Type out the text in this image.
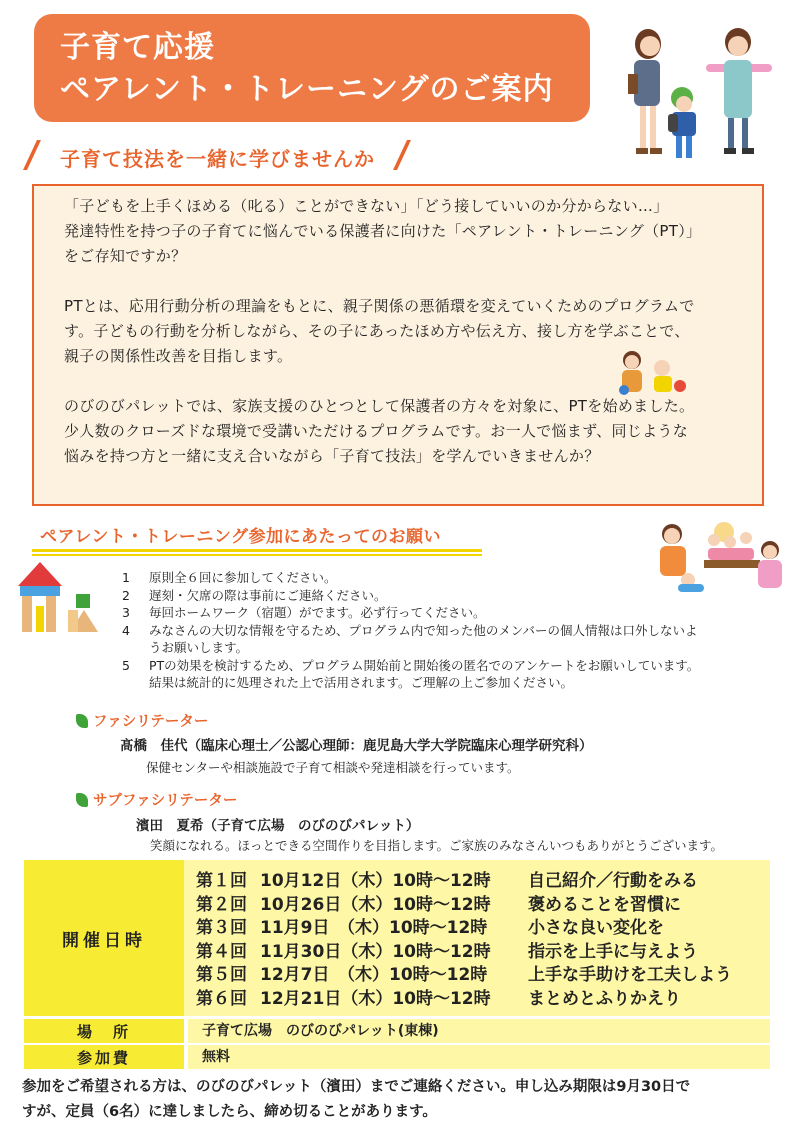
子育て応援
ペアレント・トレーニングのご案内
子育て技法を一緒に学びませんか

「子どもを上手くほめる（叱る）ことができない」「どう接していいのか分からない…」

発達特性を持つ子の子育てに悩んでいる保護者に向けた「ペアレント・トレーニング（PT）」

をご存知ですか？

PTとは、応用行動分析の理論をもとに、親子関係の悪循環を変えていくためのプログラムで

す。子どもの行動を分析しながら、その子にあったほめ方や伝え方、接し方を学ぶことで、

親子の関係性改善を目指します。

のびのびパレットでは、家族支援のひとつとして保護者の方々を対象に、PTを始めました。

少人数のクローズドな環境で受講いただけるプログラムです。お一人で悩まず、同じような

悩みを持つ方と一緒に支え合いながら「子育て技法」を学んでいきませんか？

ペアレント・トレーニング参加にあたってのお願い
1	原則全６回に参加してください。
2	遅刻・欠席の際は事前にご連絡ください。
3	毎回ホームワーク（宿題）がでます。必ず行ってください。
4	みなさんの大切な情報を守るため、プログラム内で知った他のメンバーの個人情報は口外しないよ
うお願いします。
5	PTの効果を検討するため、プログラム開始前と開始後の匿名でのアンケートをお願いしています。
結果は統計的に処理された上で活用されます。ご理解の上ご参加ください。
ファシリテーター
髙橋　佳代（臨床心理士／公認心理師：鹿児島大学大学院臨床心理学研究科）
保健センターや相談施設で子育て相談や発達相談を行っています。
サブファシリテーター
濱田　夏希（子育て広場　のびのびパレット）
笑顔になれる。ほっとできる空間作りを目指します。ご家族のみなさんいつもありがとうございます。
開催日時
第１回 10月12日（木）10時～12時	自己紹介／行動をみる
第２回 10月26日（木）10時～12時	褒めることを習慣に
第３回 11月9日　（木）10時～12時	小さな良い変化を
第４回 11月30日（木）10時～12時	指示を上手に与えよう
第５回 12月7日　（木）10時～12時	上手な手助けを工夫しよう
第６回 12月21日（木）10時～12時	まとめとふりかえり
場　所	子育て広場　のびのびパレット(東棟)
参加費	無料
参加をご希望される方は、のびのびパレット（濱田）までご連絡ください。申し込み期限は9月30日で
すが、定員（6名）に達しましたら、締め切ることがあります。
